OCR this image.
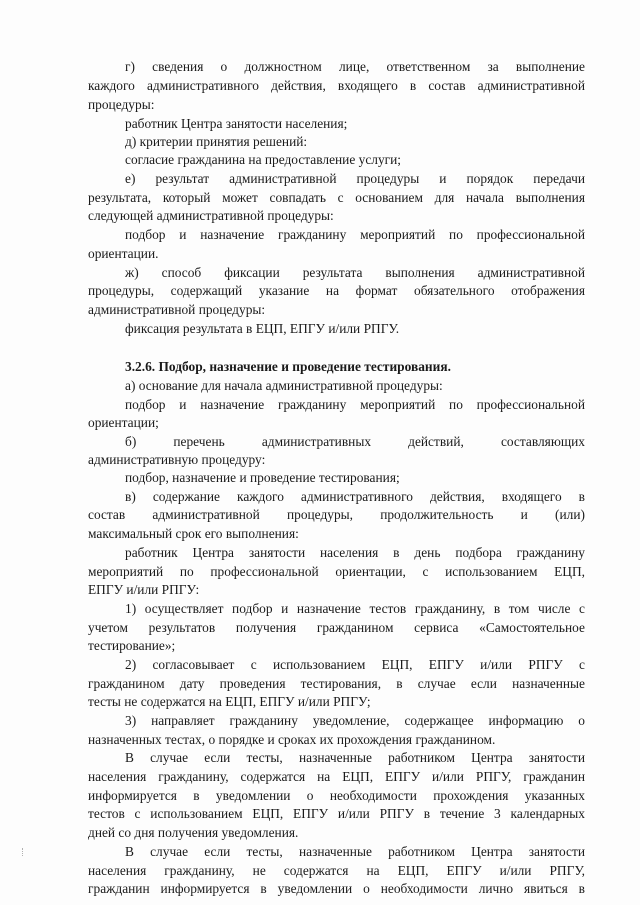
г) сведения о должностном лице, ответственном за выполнение
каждого административного действия, входящего в состав административной
процедуры:
работник Центра занятости населения;
д) критерии принятия решений:
согласие гражданина на предоставление услуги;
е) результат административной процедуры и порядок передачи
результата, который может совпадать с основанием для начала выполнения
следующей административной процедуры:
подбор и назначение гражданину мероприятий по профессиональной
ориентации.
ж) способ фиксации результата выполнения административной
процедуры, содержащий указание на формат обязательного отображения
административной процедуры:
фиксация результата в ЕЦП, ЕПГУ и/или РПГУ.
3.2.6. Подбор, назначение и проведение тестирования.
а) основание для начала административной процедуры:
подбор и назначение гражданину мероприятий по профессиональной
ориентации;
б) перечень административных действий, составляющих
административную процедуру:
подбор, назначение и проведение тестирования;
в) содержание каждого административного действия, входящего в
состав административной процедуры, продолжительность и (или)
максимальный срок его выполнения:
работник Центра занятости населения в день подбора гражданину
мероприятий по профессиональной ориентации, с использованием ЕЦП,
ЕПГУ и/или РПГУ:
1) осуществляет подбор и назначение тестов гражданину, в том числе с
учетом результатов получения гражданином сервиса «Самостоятельное
тестирование»;
2) согласовывает с использованием ЕЦП, ЕПГУ и/или РПГУ с
гражданином дату проведения тестирования, в случае если назначенные
тесты не содержатся на ЕЦП, ЕПГУ и/или РПГУ;
3) направляет гражданину уведомление, содержащее информацию о
назначенных тестах, о порядке и сроках их прохождения гражданином.
В случае если тесты, назначенные работником Центра занятости
населения гражданину, содержатся на ЕЦП, ЕПГУ и/или РПГУ, гражданин
информируется в уведомлении о необходимости прохождения указанных
тестов с использованием ЕЦП, ЕПГУ и/или РПГУ в течение 3 календарных
дней со дня получения уведомления.
В случае если тесты, назначенные работником Центра занятости
населения гражданину, не содержатся на ЕЦП, ЕПГУ и/или РПГУ,
гражданин информируется в уведомлении о необходимости лично явиться в
